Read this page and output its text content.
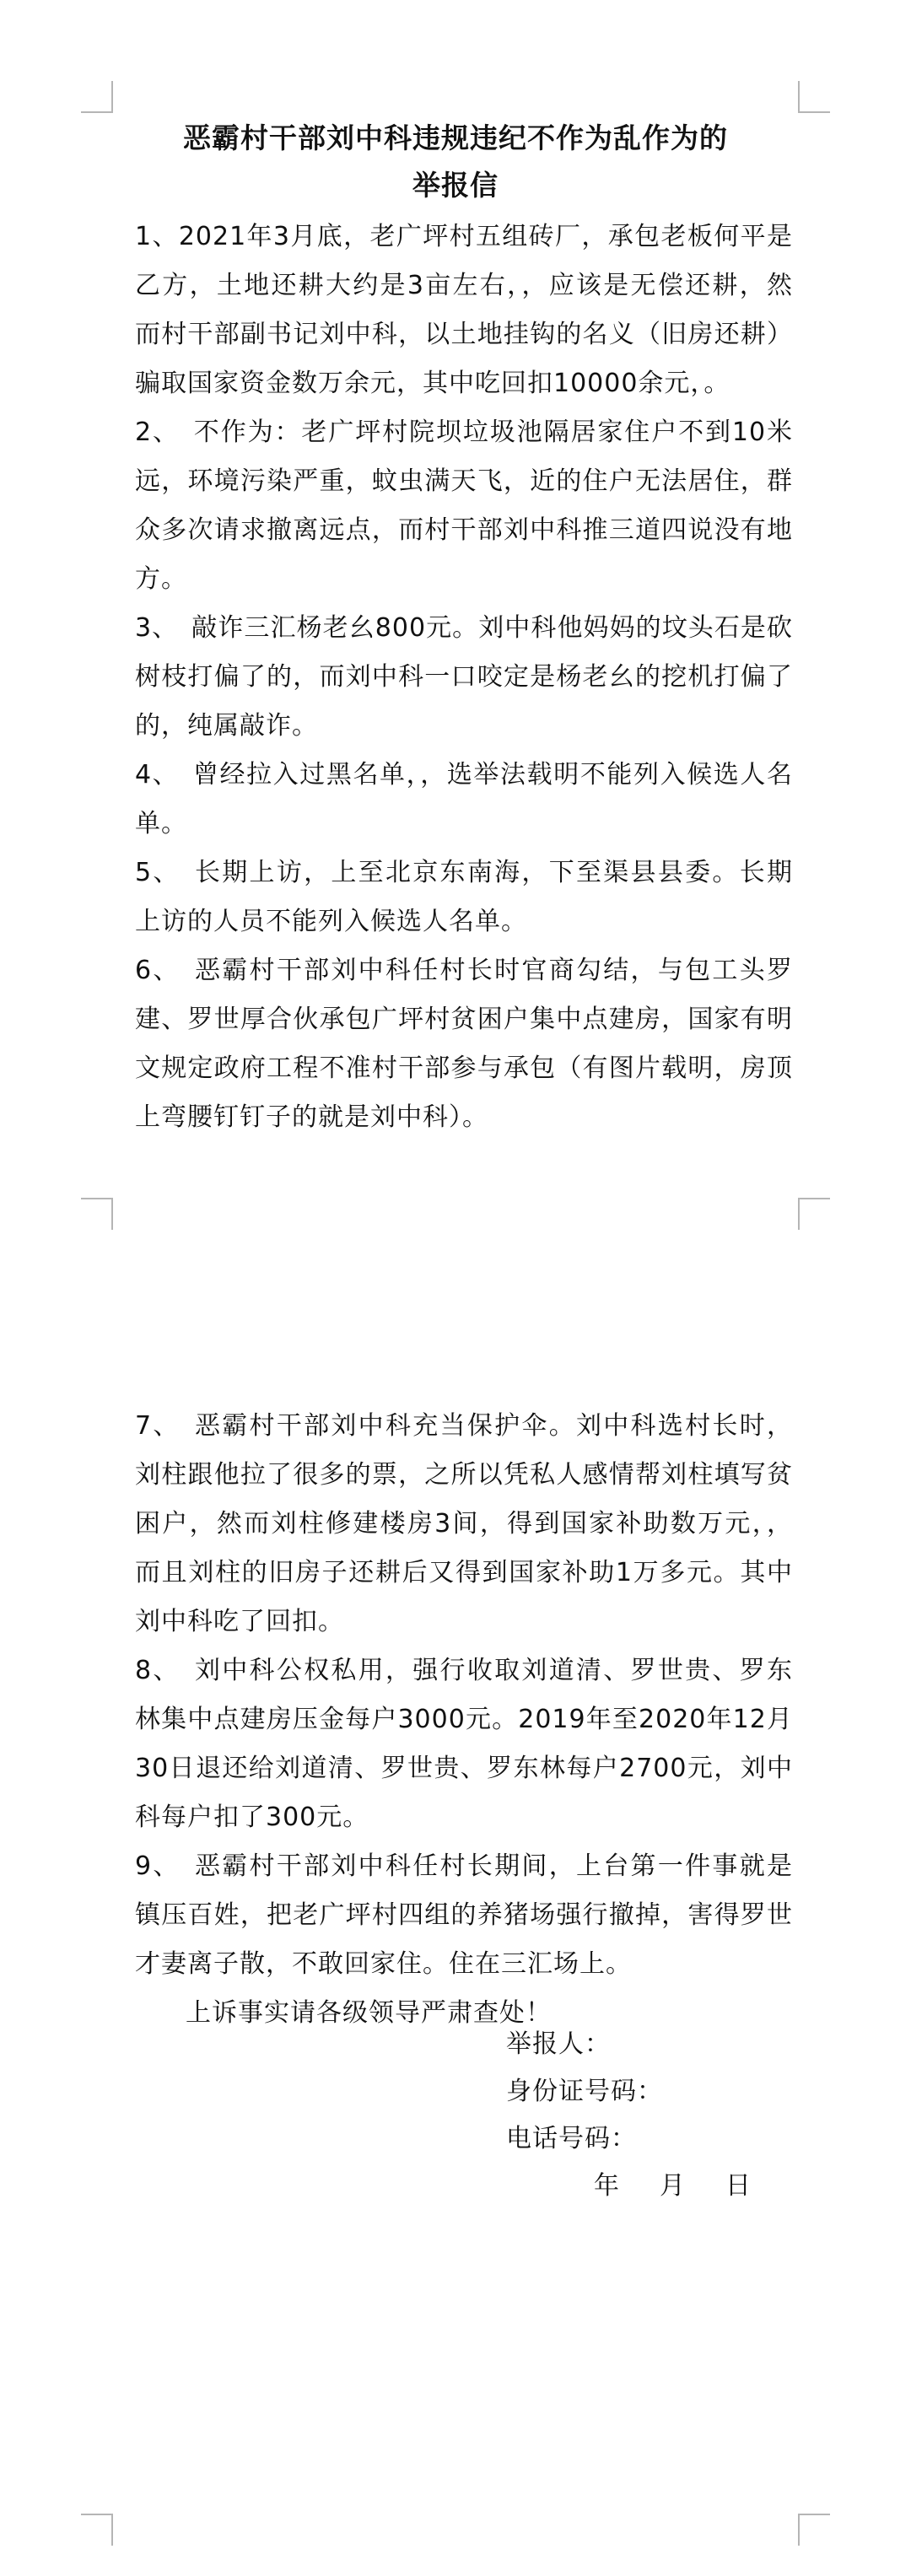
恶霸村干部刘中科违规违纪不作为乱作为的
举报信

1、2021年3月底，老广坪村五组砖厂，承包老板何平是乙方，土地还耕大约是3亩左右，，应该是无偿还耕，然而村干部副书记刘中科，以土地挂钩的名义（旧房还耕）骗取国家资金数万余元，其中吃回扣10000余元，。

2、　不作为：老广坪村院坝垃圾池隔居家住户不到10米远，环境污染严重，蚊虫满天飞，近的住户无法居住，群众多次请求撤离远点，而村干部刘中科推三道四说没有地方。

3、　敲诈三汇杨老幺800元。刘中科他妈妈的坟头石是砍树枝打偏了的，而刘中科一口咬定是杨老幺的挖机打偏了的，纯属敲诈。

4、　曾经拉入过黑名单，，选举法载明不能列入候选人名单。

5、　长期上访，上至北京东南海，下至渠县县委。长期上访的人员不能列入候选人名单。

6、　恶霸村干部刘中科任村长时官商勾结，与包工头罗建、罗世厚合伙承包广坪村贫困户集中点建房，国家有明文规定政府工程不准村干部参与承包（有图片载明，房顶上弯腰钉钉子的就是刘中科）。

7、　恶霸村干部刘中科充当保护伞。刘中科选村长时，刘柱跟他拉了很多的票，之所以凭私人感情帮刘柱填写贫困户，然而刘柱修建楼房3间，得到国家补助数万元，，而且刘柱的旧房子还耕后又得到国家补助1万多元。其中刘中科吃了回扣。

8、　刘中科公权私用，强行收取刘道清、罗世贵、罗东林集中点建房压金每户3000元。2019年至2020年12月30日退还给刘道清、罗世贵、罗东林每户2700元，刘中科每户扣了300元。

9、　恶霸村干部刘中科任村长期间，上台第一件事就是镇压百姓，把老广坪村四组的养猪场强行撤掉，害得罗世才妻离子散，不敢回家住。住在三汇场上。

上诉事实请各级领导严肃查处！

举报人：

身份证号码：

电话号码：

年 月 日
